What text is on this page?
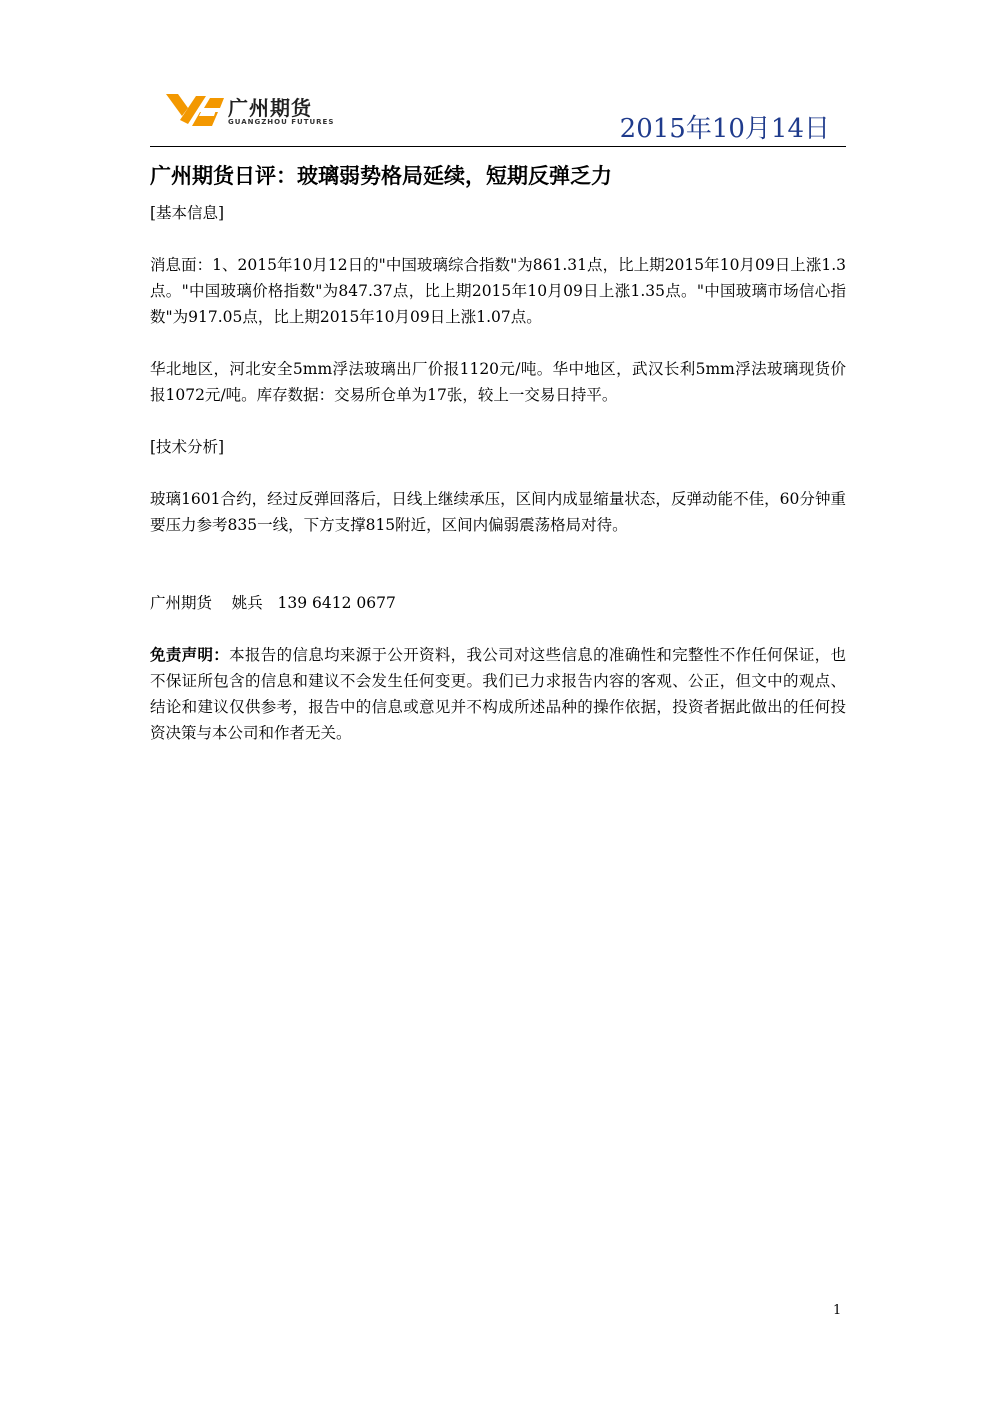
广州期货
GUANGZHOU FUTURES	2015年10月14日
广州期货日评：玻璃弱势格局延续，短期反弹乏力
[基本信息]

消息面：1、2015年10月12日的"中国玻璃综合指数"为861.31点，比上期2015年10月09日上涨1.3点。"中国玻璃价格指数"为847.37点，比上期2015年10月09日上涨1.35点。"中国玻璃市场信心指数"为917.05点，比上期2015年10月09日上涨1.07点。

华北地区，河北安全5mm浮法玻璃出厂价报1120元/吨。华中地区，武汉长利5mm浮法玻璃现货价报1072元/吨。库存数据：交易所仓单为17张，较上一交易日持平。

[技术分析]

玻璃1601合约，经过反弹回落后，日线上继续承压，区间内成显缩量状态，反弹动能不佳，60分钟重要压力参考835一线，下方支撑815附近，区间内偏弱震荡格局对待。

广州期货 姚兵 139 6412 0677

免责声明：本报告的信息均来源于公开资料，我公司对这些信息的准确性和完整性不作任何保证，也不保证所包含的信息和建议不会发生任何变更。我们已力求报告内容的客观、公正，但文中的观点、结论和建议仅供参考，报告中的信息或意见并不构成所述品种的操作依据，投资者据此做出的任何投资决策与本公司和作者无关。

1
